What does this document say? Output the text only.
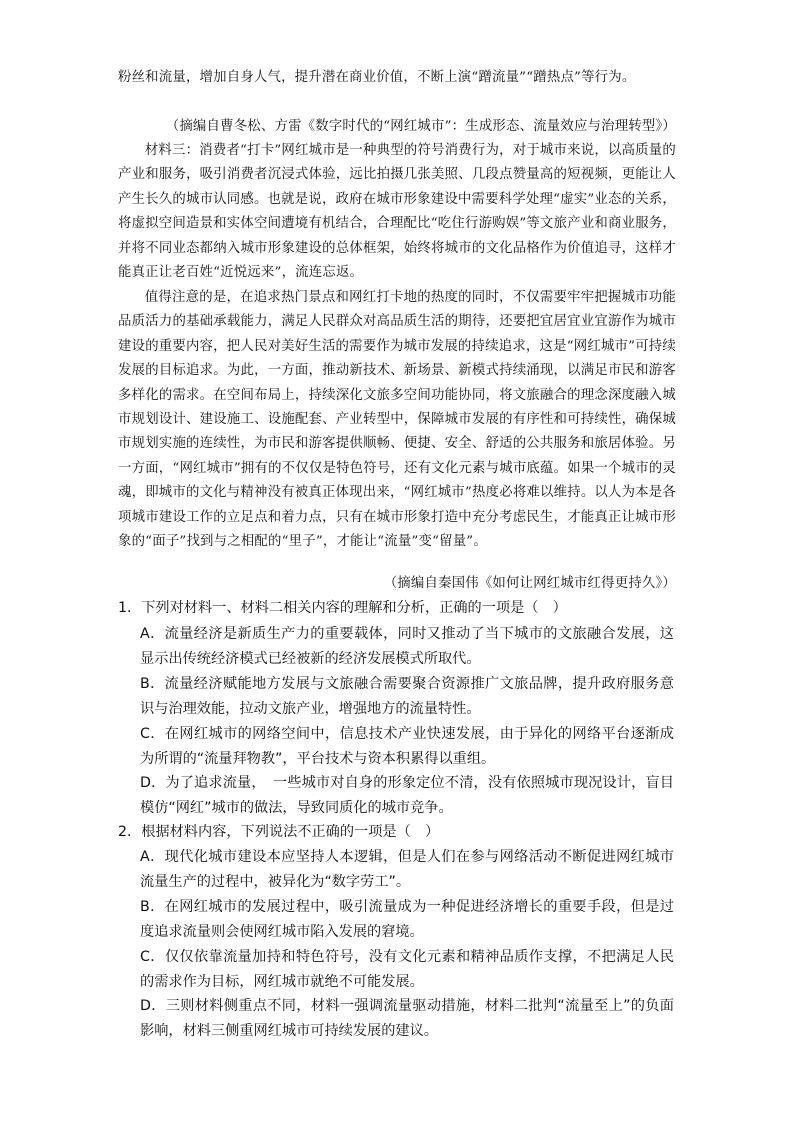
粉丝和流量，增加自身人气，提升潜在商业价值，不断上演“蹭流量”“蹭热点”等行为。

（摘编自曹冬松、方雷《数字时代的“网红城市”：生成形态、流量效应与治理转型》）

材料三：消费者“打卡”网红城市是一种典型的符号消费行为，对于城市来说，以高质量的产业和服务，吸引消费者沉浸式体验，远比拍摄几张美照、几段点赞量高的短视频，更能让人产生长久的城市认同感。也就是说，政府在城市形象建设中需要科学处理“虚实”业态的关系，将虚拟空间造景和实体空间遭境有机结合，合理配比“吃住行游购娱”等文旅产业和商业服务，并将不同业态都纳入城市形象建设的总体框架，始终将城市的文化品格作为价值追寻，这样才能真正让老百姓“近悦远来”，流连忘返。

值得注意的是，在追求热门景点和网红打卡地的热度的同时，不仅需要牢牢把握城市功能品质活力的基础承载能力，满足人民群众对高品质生活的期待，还要把宜居宜业宜游作为城市建设的重要内容，把人民对美好生活的需要作为城市发展的持续追求，这是“网红城市”可持续发展的目标追求。为此，一方面，推动新技术、新场景、新模式持续涌现，以满足市民和游客多样化的需求。在空间布局上，持续深化文旅多空间功能协同，将文旅融合的理念深度融入城市规划设计、建设施工、设施配套、产业转型中，保障城市发展的有序性和可持续性，确保城市规划实施的连续性，为市民和游客提供顺畅、便捷、安全、舒适的公共服务和旅居体验。另一方面，“网红城市”拥有的不仅仅是特色符号，还有文化元素与城市底蕴。如果一个城市的灵魂，即城市的文化与精神没有被真正体现出来，“网红城市”热度必将难以维持。以人为本是各项城市建设工作的立足点和着力点，只有在城市形象打造中充分考虑民生，才能真正让城市形象的“面子”找到与之相配的“里子”，才能让“流量”变“留量”。

（摘编自秦国伟《如何让网红城市红得更持久》）

1．下列对材料一、材料二相关内容的理解和分析，正确的一项是（　）
A．流量经济是新质生产力的重要载体，同时又推动了当下城市的文旅融合发展，这显示出传统经济模式已经被新的经济发展模式所取代。
B．流量经济赋能地方发展与文旅融合需要聚合资源推广文旅品牌，提升政府服务意识与治理效能，拉动文旅产业，增强地方的流量特性。
C．在网红城市的网络空间中，信息技术产业快速发展，由于异化的网络平台逐渐成为所谓的“流量拜物教”，平台技术与资本积累得以重组。
D．为了追求流量，　一些城市对自身的形象定位不清，没有依照城市现况设计，盲目模仿“网红”城市的做法，导致同质化的城市竞争。
2．根据材料内容，下列说法不正确的一项是（　）
A．现代化城市建设本应坚持人本逻辑，但是人们在参与网络活动不断促进网红城市流量生产的过程中，被异化为“数字劳工”。
B．在网红城市的发展过程中，吸引流量成为一种促进经济增长的重要手段，但是过度追求流量则会使网红城市陷入发展的窘境。
C．仅仅依靠流量加持和特色符号，没有文化元素和精神品质作支撑，不把满足人民的需求作为目标，网红城市就绝不可能发展。
D．三则材料侧重点不同，材料一强调流量驱动措施，材料二批判“流量至上”的负面影响，材料三侧重网红城市可持续发展的建议。
